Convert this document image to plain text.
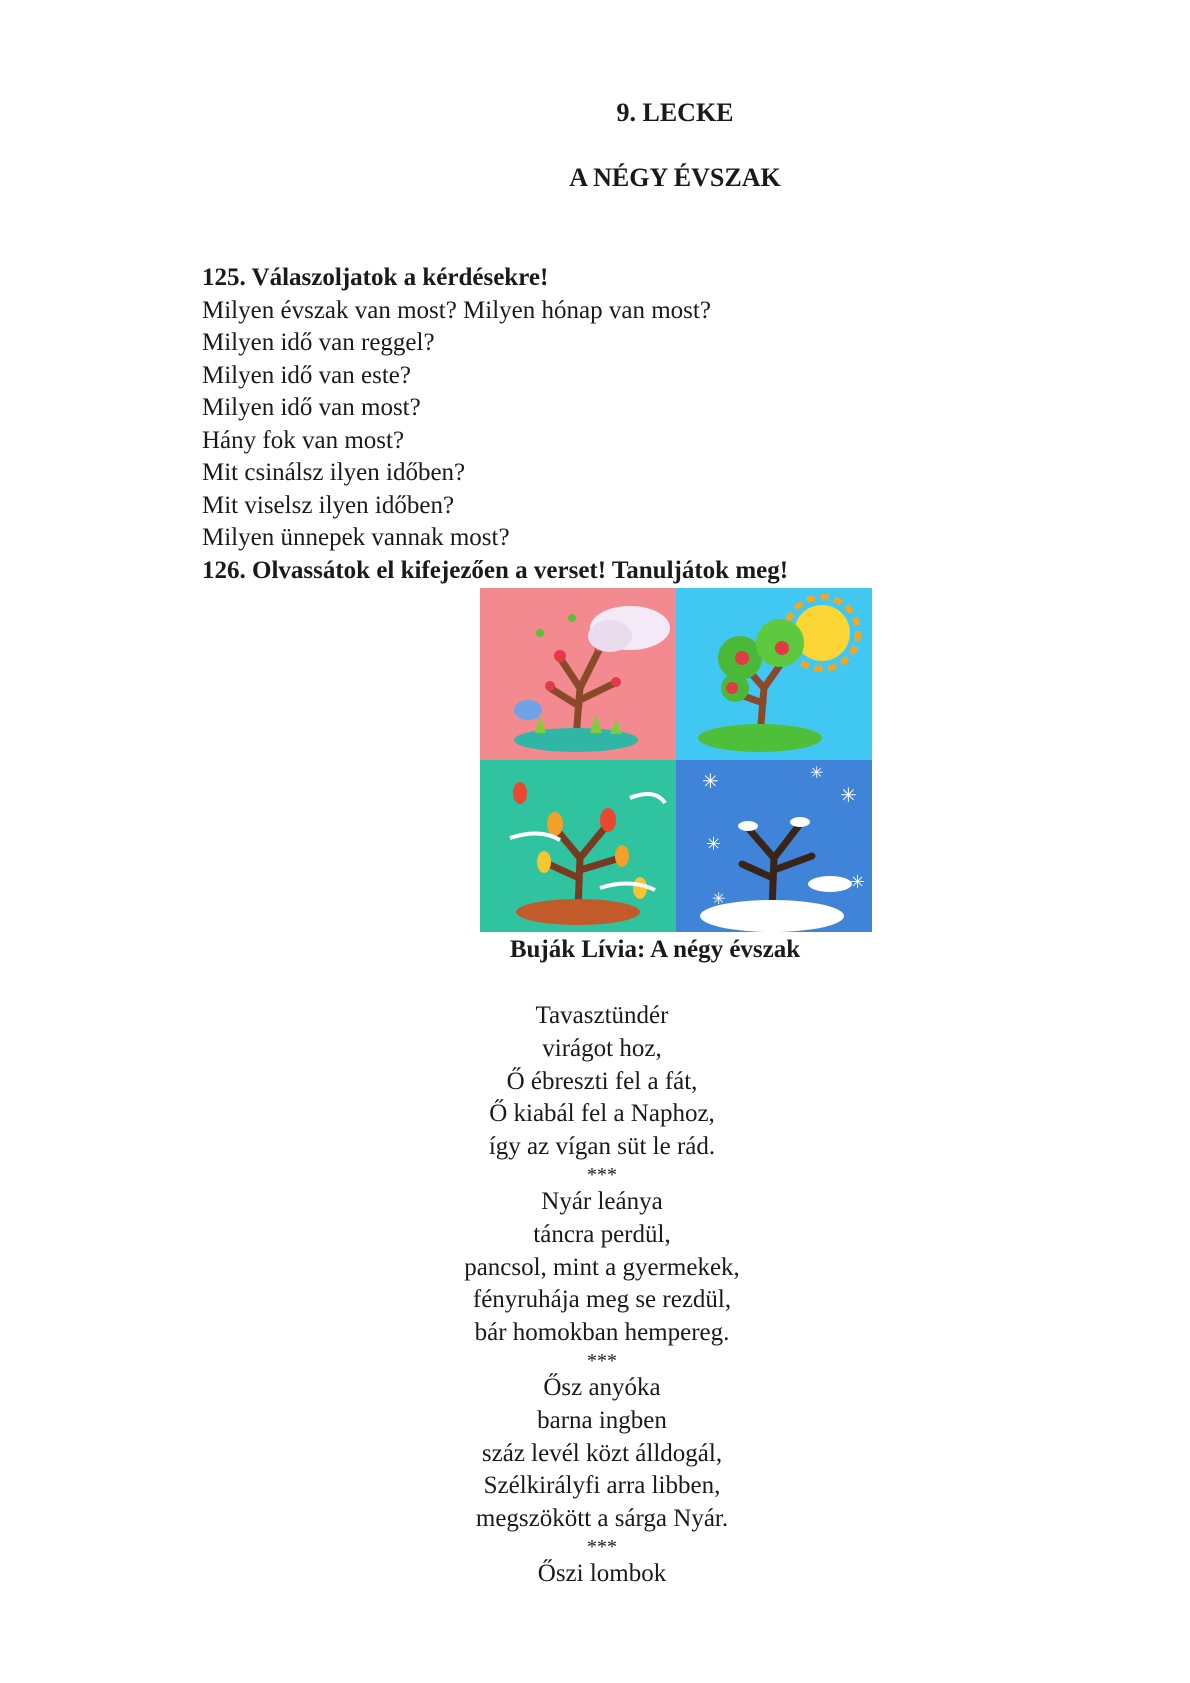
9. LECKE
A NÉGY ÉVSZAK
125. Válaszoljatok a kérdésekre!
Milyen évszak van most? Milyen hónap van most?
Milyen idő van reggel?
Milyen idő van este?
Milyen idő van most?
Hány fok van most?
Mit csinálsz ilyen időben?
Mit viselsz ilyen időben?
Milyen ünnepek vannak most?
126. Olvassátok el kifejezően a verset! Tanuljátok meg!
✳
✳
✳
✳
✳
✳
Buják Lívia: A négy évszak
Tavasztündér
virágot hoz,
Ő ébreszti fel a fát,
Ő kiabál fel a Naphoz,
így az vígan süt le rád.
***
Nyár leánya
táncra perdül,
pancsol, mint a gyermekek,
fényruhája meg se rezdül,
bár homokban hempereg.
***
Ősz anyóka
barna ingben
száz levél közt álldogál,
Szélkirályfi arra libben,
megszökött a sárga Nyár.
***
Őszi lombok
